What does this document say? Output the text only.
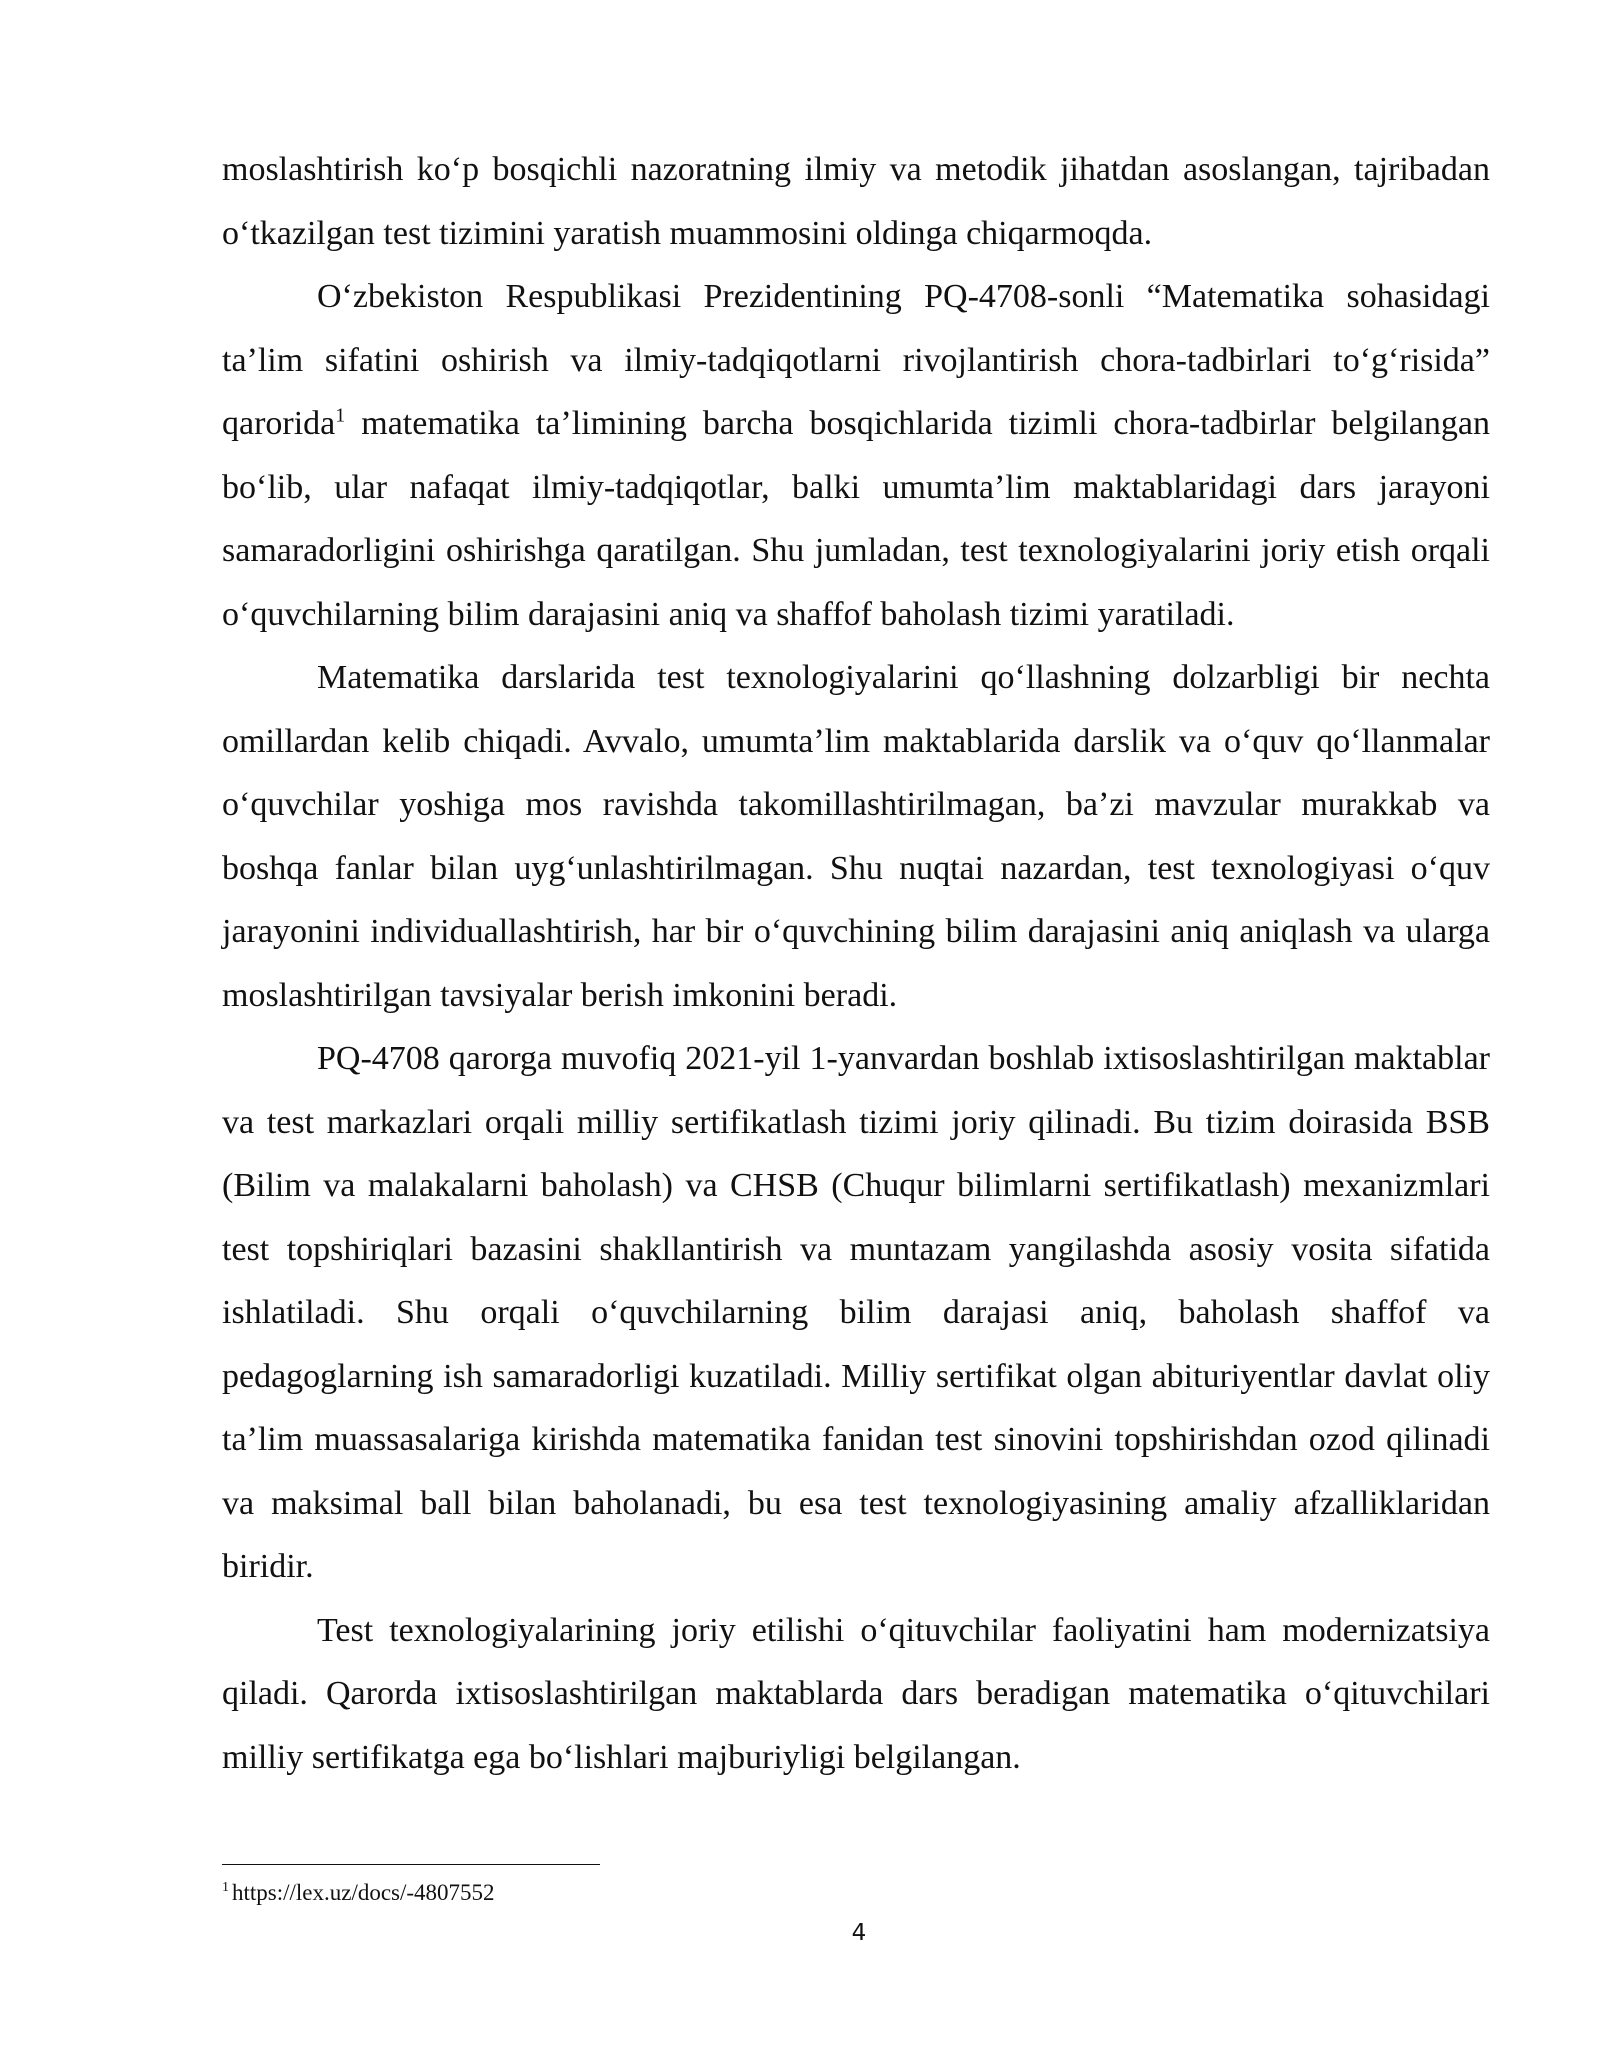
moslashtirish koʻp bosqichli nazoratning ilmiy va metodik jihatdan asoslangan, tajribadan oʻtkazilgan test tizimini yaratish muammosini oldinga chiqarmoqda.

Oʻzbekiston Respublikasi Prezidentining PQ-4708-sonli “Matematika sohasidagi taʼlim sifatini oshirish va ilmiy-tadqiqotlarni rivojlantirish chora-tadbirlari toʻgʻrisida” qarorida$^1$ matematika taʼlimining barcha bosqichlarida tizimli chora-tadbirlar belgilangan boʻlib, ular nafaqat ilmiy-tadqiqotlar, balki umumtaʼlim maktablaridagi dars jarayoni samaradorligini oshirishga qaratilgan. Shu jumladan, test texnologiyalarini joriy etish orqali oʻquvchilarning bilim darajasini aniq va shaffof baholash tizimi yaratiladi.

Matematika darslarida test texnologiyalarini qoʻllashning dolzarbligi bir nechta omillardan kelib chiqadi. Avvalo, umumtaʼlim maktablarida darslik va oʻquv qoʻllanmalar oʻquvchilar yoshiga mos ravishda takomillashtirilmagan, baʼzi mavzular murakkab va boshqa fanlar bilan uygʻunlashtirilmagan. Shu nuqtai nazardan, test texnologiyasi oʻquv jarayonini individuallashtirish, har bir oʻquvchining bilim darajasini aniq aniqlash va ularga moslashtirilgan tavsiyalar berish imkonini beradi.

PQ-4708 qarorga muvofiq 2021-yil 1-yanvardan boshlab ixtisoslashtirilgan maktablar va test markazlari orqali milliy sertifikatlash tizimi joriy qilinadi. Bu tizim doirasida BSB (Bilim va malakalarni baholash) va CHSB (Chuqur bilimlarni sertifikatlash) mexanizmlari test topshiriqlari bazasini shakllantirish va muntazam yangilashda asosiy vosita sifatida ishlatiladi. Shu orqali oʻquvchilarning bilim darajasi aniq, baholash shaffof va pedagoglarning ish samaradorligi kuzatiladi. Milliy sertifikat olgan abituriyentlar davlat oliy taʼlim muassasalariga kirishda matematika fanidan test sinovini topshirishdan ozod qilinadi va maksimal ball bilan baholanadi, bu esa test texnologiyasining amaliy afzalliklaridan biridir.

Test texnologiyalarining joriy etilishi oʻqituvchilar faoliyatini ham modernizatsiya qiladi. Qarorda ixtisoslashtirilgan maktablarda dars beradigan matematika oʻqituvchilari milliy sertifikatga ega boʻlishlari majburiyligi belgilangan.

$^1$ https://lex.uz/docs/-4807552
4
